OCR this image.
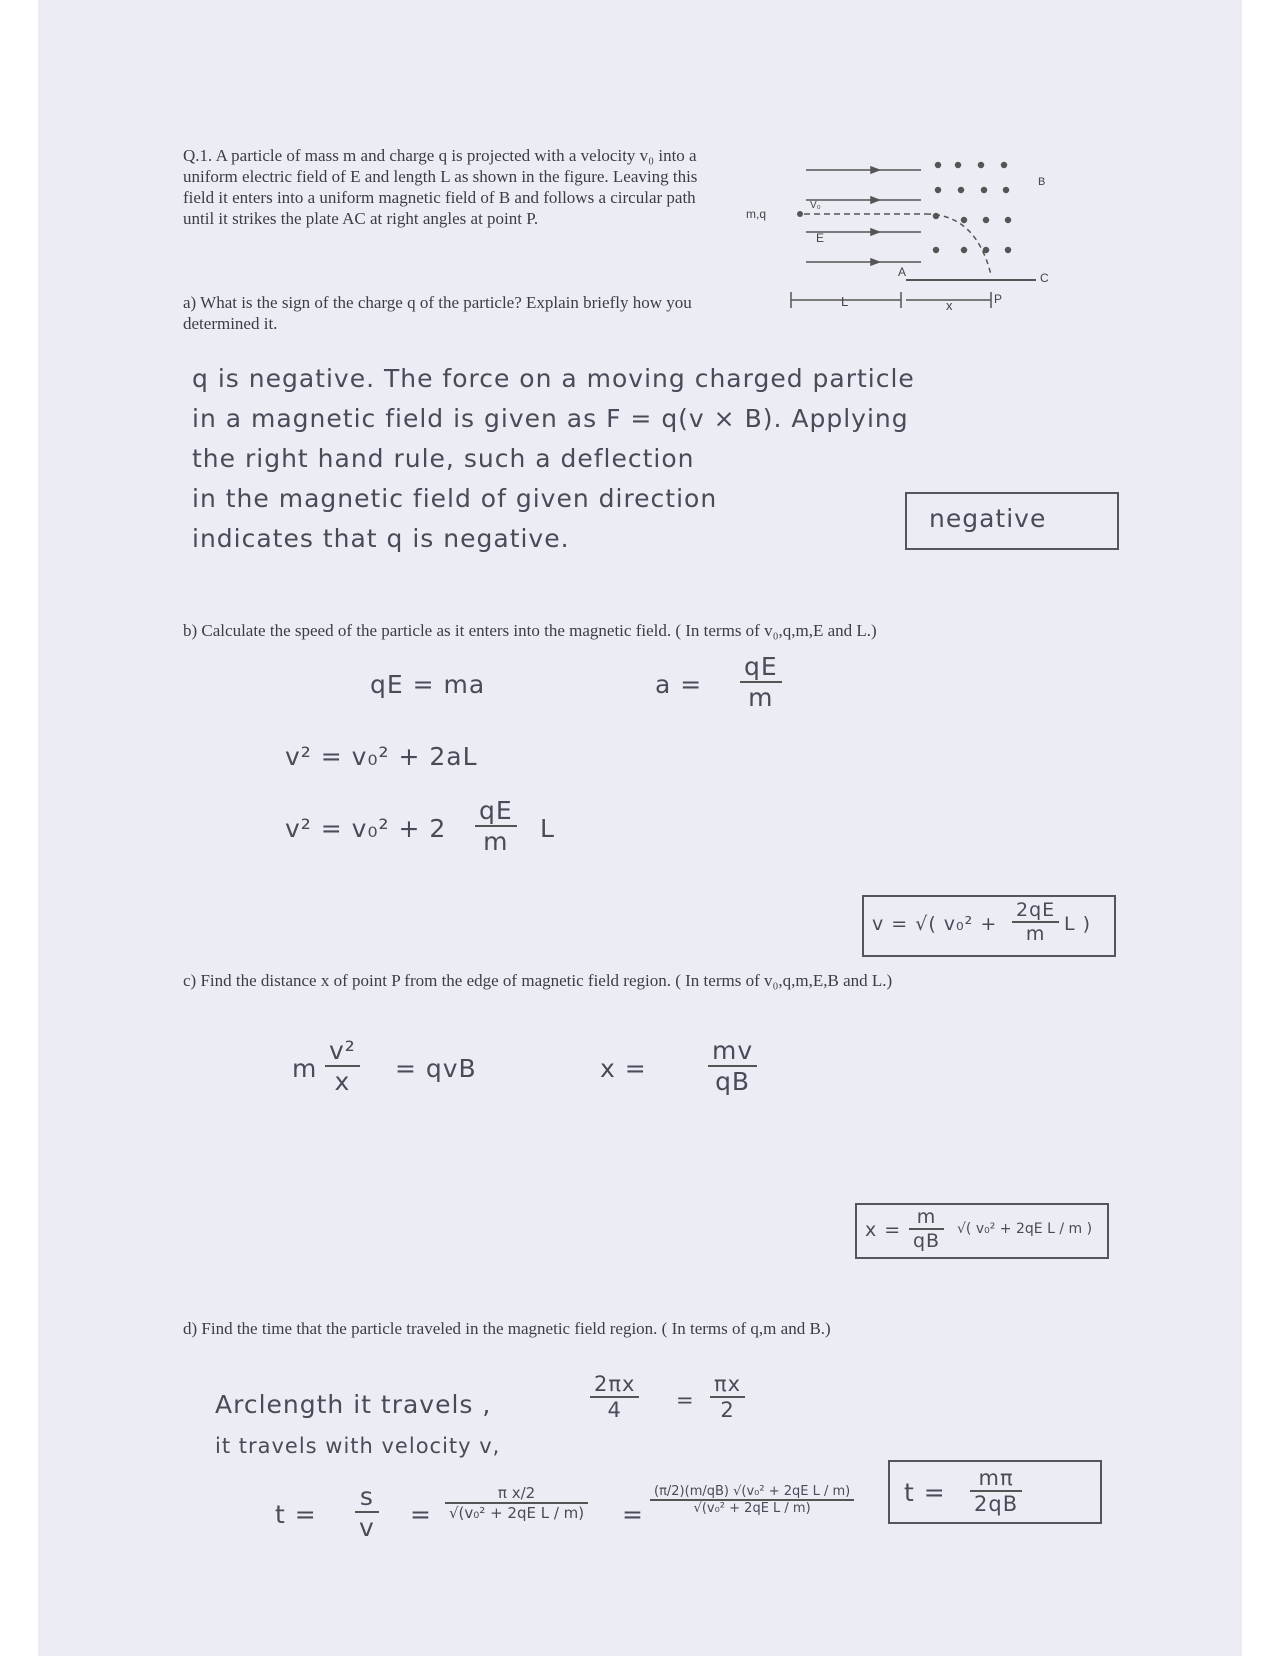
Q.1. A particle of mass m and charge q is projected with a velocity v₀ into a uniform electric field of E and length L as shown in the figure. Leaving this field it enters into a uniform magnetic field of B and follows a circular path until it strikes the plate AC at right angles at point P.	m,q
V₀
E
B
A	C
P
L	x
a) What is the sign of the charge q of the particle? Explain briefly how you determined it.
q is negative. The force on a moving charged particle
in a magnetic field is given as F = q(v × B). Applying
the right hand rule, such a deflection
in the magnetic field of given direction
indicates that q is negative.
negative
b) Calculate the speed of the particle as it enters into the magnetic field. ( In terms of v₀,q,m,E and L.)
qE = ma	$a = \frac{qE}{m}$
v² = v₀² + 2aL
$v^2 = v_0^2 + 2 \frac{qE}{m}$ L
v = √( $v_0^2 + \frac{2qE}{m}$ L )
c) Find the distance x of point P from the edge of magnetic field region. ( In terms of v₀,q,m,E,B and L.)
m $\frac{\text{v²}}{x}$ = qvB	$x = \frac{mv}{qB}$
$x = \frac{m}{qB}$ √( v₀² + 2qE L / m )
d) Find the time that the particle traveled in the magnetic field region. ( In terms of q,m and B.)
Arclength it travels ,	$\frac{2\pi x}{4} = \frac{\pi x}{2}$
it travels with velocity v,
$t = \frac{s}{v} = \frac{\text{π x/2}}{\text{√(v₀² + 2qE L / m)}} = \frac{\text{(π/2)(m/qB) √(v₀² + 2qE L / m)}}{\text{√(v₀² + 2qE L / m)}}$ $t = \frac{m\pi}{2qB}$
